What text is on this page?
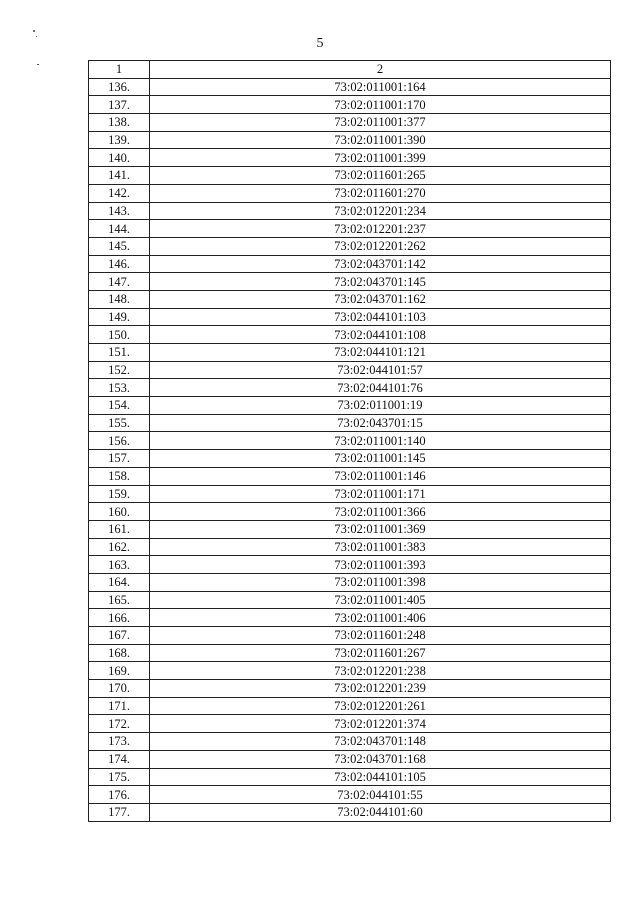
5
1	2
136.	73:02:011001:164
137.	73:02:011001:170
138.	73:02:011001:377
139.	73:02:011001:390
140.	73:02:011001:399
141.	73:02:011601:265
142.	73:02:011601:270
143.	73:02:012201:234
144.	73:02:012201:237
145.	73:02:012201:262
146.	73:02:043701:142
147.	73:02:043701:145
148.	73:02:043701:162
149.	73:02:044101:103
150.	73:02:044101:108
151.	73:02:044101:121
152.	73:02:044101:57
153.	73:02:044101:76
154.	73:02:011001:19
155.	73:02:043701:15
156.	73:02:011001:140
157.	73:02:011001:145
158.	73:02:011001:146
159.	73:02:011001:171
160.	73:02:011001:366
161.	73:02:011001:369
162.	73:02:011001:383
163.	73:02:011001:393
164.	73:02:011001:398
165.	73:02:011001:405
166.	73:02:011001:406
167.	73:02:011601:248
168.	73:02:011601:267
169.	73:02:012201:238
170.	73:02:012201:239
171.	73:02:012201:261
172.	73:02:012201:374
173.	73:02:043701:148
174.	73:02:043701:168
175.	73:02:044101:105
176.	73:02:044101:55
177.	73:02:044101:60
